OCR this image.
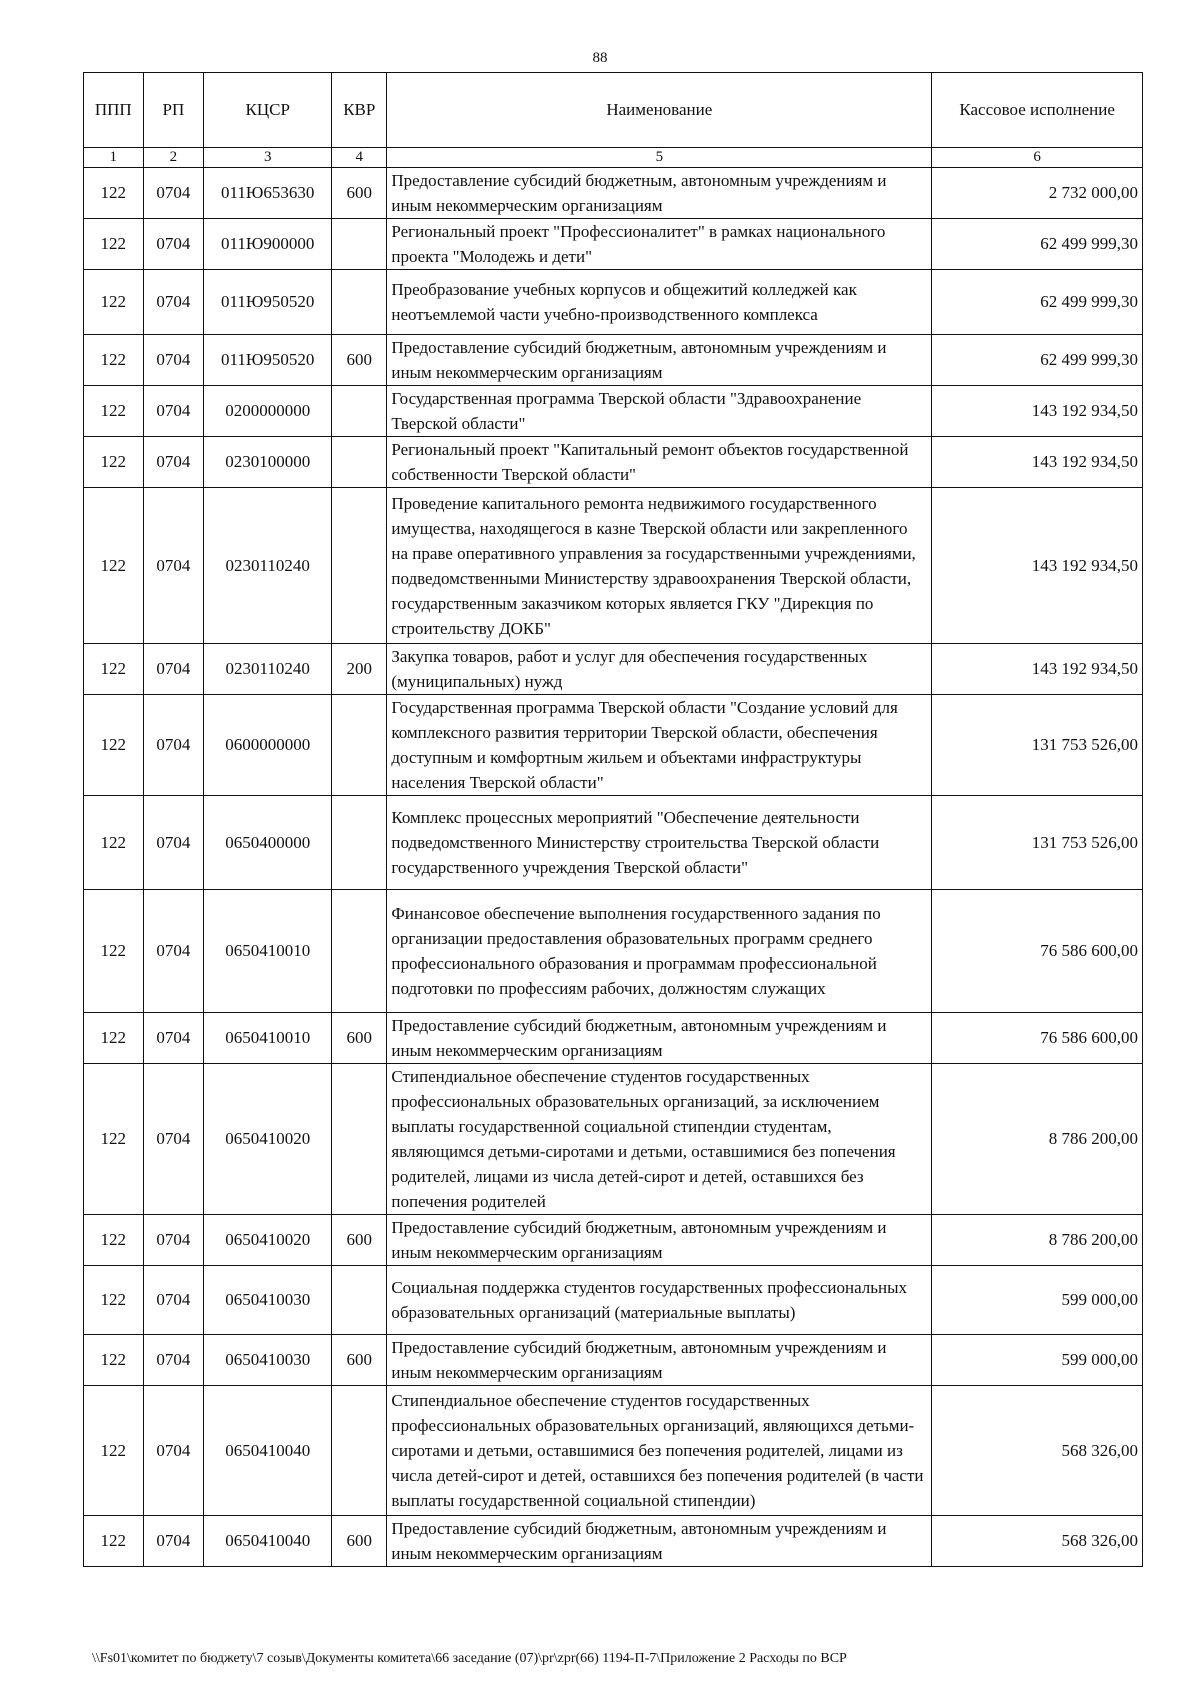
88
ППП	РП	КЦСР	КВР	Наименование	Кассовое исполнение
1	2	3	4	5	6
122	0704	011Ю653630	600	Предоставление субсидий бюджетным, автономным учреждениям и иным некоммерческим организациям	2 732 000,00
122	0704	011Ю900000		Региональный проект "Профессионалитет" в рамках национального проекта "Молодежь и дети"	62 499 999,30
122	0704	011Ю950520		Преобразование учебных корпусов и общежитий колледжей как неотъемлемой части учебно-производственного комплекса	62 499 999,30
122	0704	011Ю950520	600	Предоставление субсидий бюджетным, автономным учреждениям и иным некоммерческим организациям	62 499 999,30
122	0704	0200000000		Государственная программа Тверской области "Здравоохранение Тверской области"	143 192 934,50
122	0704	0230100000		Региональный проект "Капитальный ремонт объектов государственной собственности Тверской области"	143 192 934,50
122	0704	0230110240		Проведение капитального ремонта недвижимого государственного имущества, находящегося в казне Тверской области или закрепленного на праве оперативного управления за государственными учреждениями, подведомственными Министерству здравоохранения Тверской области, государственным заказчиком которых является ГКУ "Дирекция по строительству ДОКБ"	143 192 934,50
122	0704	0230110240	200	Закупка товаров, работ и услуг для обеспечения государственных (муниципальных) нужд	143 192 934,50
122	0704	0600000000		Государственная программа Тверской области "Создание условий для комплексного развития территории Тверской области, обеспечения доступным и комфортным жильем и объектами инфраструктуры населения Тверской области"	131 753 526,00
122	0704	0650400000		Комплекс процессных мероприятий "Обеспечение деятельности подведомственного Министерству строительства Тверской области государственного учреждения Тверской области"	131 753 526,00
122	0704	0650410010		Финансовое обеспечение выполнения государственного задания по организации предоставления образовательных программ среднего профессионального образования и программам профессиональной подготовки по профессиям рабочих, должностям служащих	76 586 600,00
122	0704	0650410010	600	Предоставление субсидий бюджетным, автономным учреждениям и иным некоммерческим организациям	76 586 600,00
122	0704	0650410020		Стипендиальное обеспечение студентов государственных профессиональных образовательных организаций, за исключением выплаты государственной социальной стипендии студентам, являющимся детьми-сиротами и детьми, оставшимися без попечения родителей, лицами из числа детей-сирот и детей, оставшихся без попечения родителей	8 786 200,00
122	0704	0650410020	600	Предоставление субсидий бюджетным, автономным учреждениям и иным некоммерческим организациям	8 786 200,00
122	0704	0650410030		Социальная поддержка студентов государственных профессиональных образовательных организаций (материальные выплаты)	599 000,00
122	0704	0650410030	600	Предоставление субсидий бюджетным, автономным учреждениям и иным некоммерческим организациям	599 000,00
122	0704	0650410040		Стипендиальное обеспечение студентов государственных профессиональных образовательных организаций, являющихся детьми-сиротами и детьми, оставшимися без попечения родителей, лицами из числа детей-сирот и детей, оставшихся без попечения родителей (в части выплаты государственной социальной стипендии)	568 326,00
122	0704	0650410040	600	Предоставление субсидий бюджетным, автономным учреждениям и иным некоммерческим организациям	568 326,00
\\Fs01\комитет по бюджету\7 созыв\Документы комитета\66 заседание (07)\pr\zpr(66) 1194-П-7\Приложение 2 Расходы по ВСР
